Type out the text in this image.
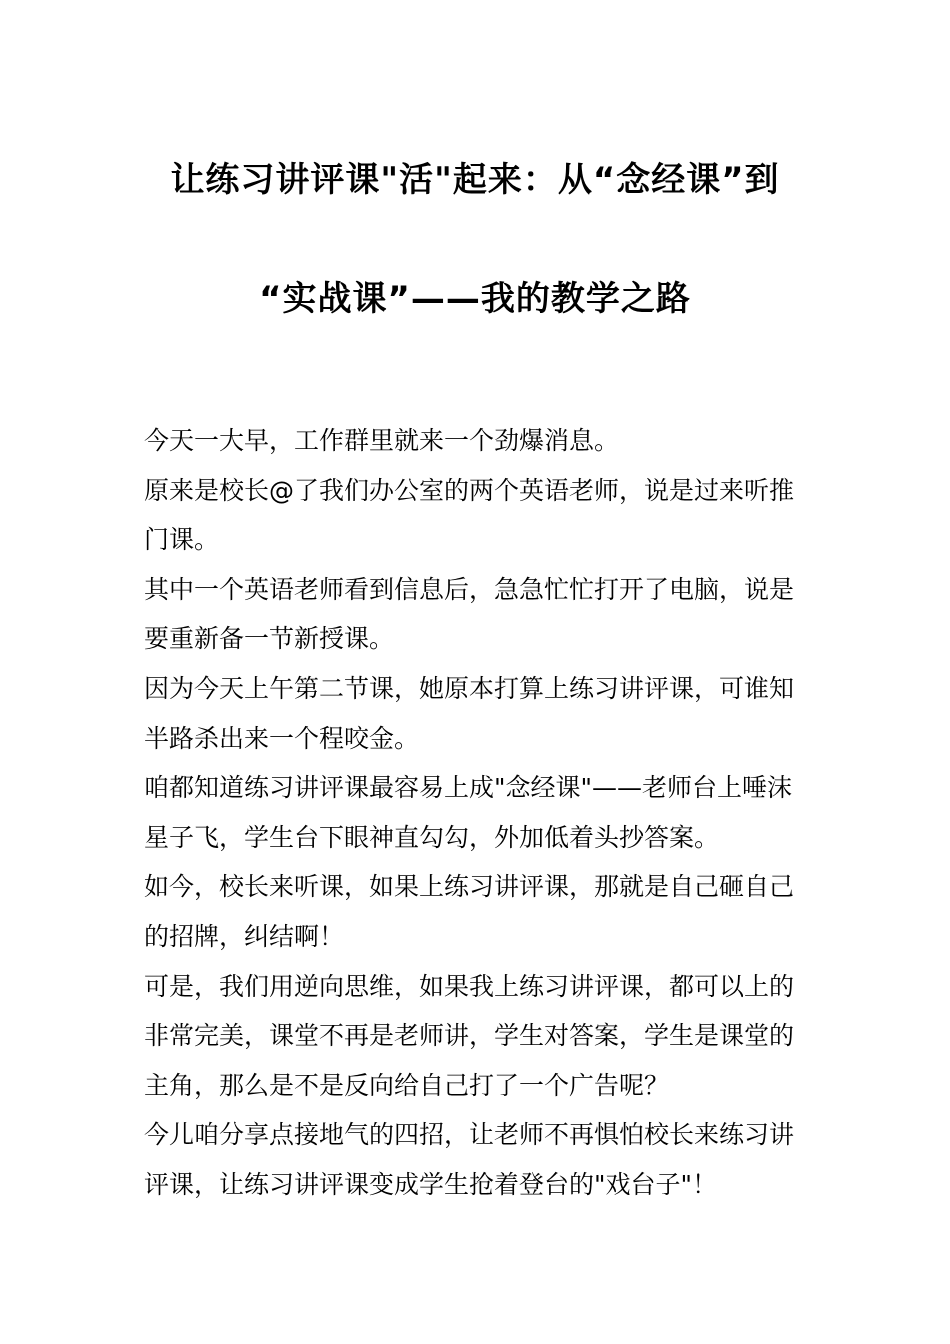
让练习讲评课"活"起来：从“念经课”到
“实战课”——我的教学之路

今天一大早，工作群里就来一个劲爆消息。

原来是校长@了我们办公室的两个英语老师，说是过来听推门课。

其中一个英语老师看到信息后，急急忙忙打开了电脑，说是要重新备一节新授课。

因为今天上午第二节课，她原本打算上练习讲评课，可谁知半路杀出来一个程咬金。

咱都知道练习讲评课最容易上成"念经课"——老师台上唾沫星子飞，学生台下眼神直勾勾，外加低着头抄答案。

如今，校长来听课，如果上练习讲评课，那就是自己砸自己的招牌，纠结啊！

可是，我们用逆向思维，如果我上练习讲评课，都可以上的非常完美，课堂不再是老师讲，学生对答案，学生是课堂的主角，那么是不是反向给自己打了一个广告呢？

今儿咱分享点接地气的四招，让老师不再惧怕校长来练习讲评课，让练习讲评课变成学生抢着登台的"戏台子"！
